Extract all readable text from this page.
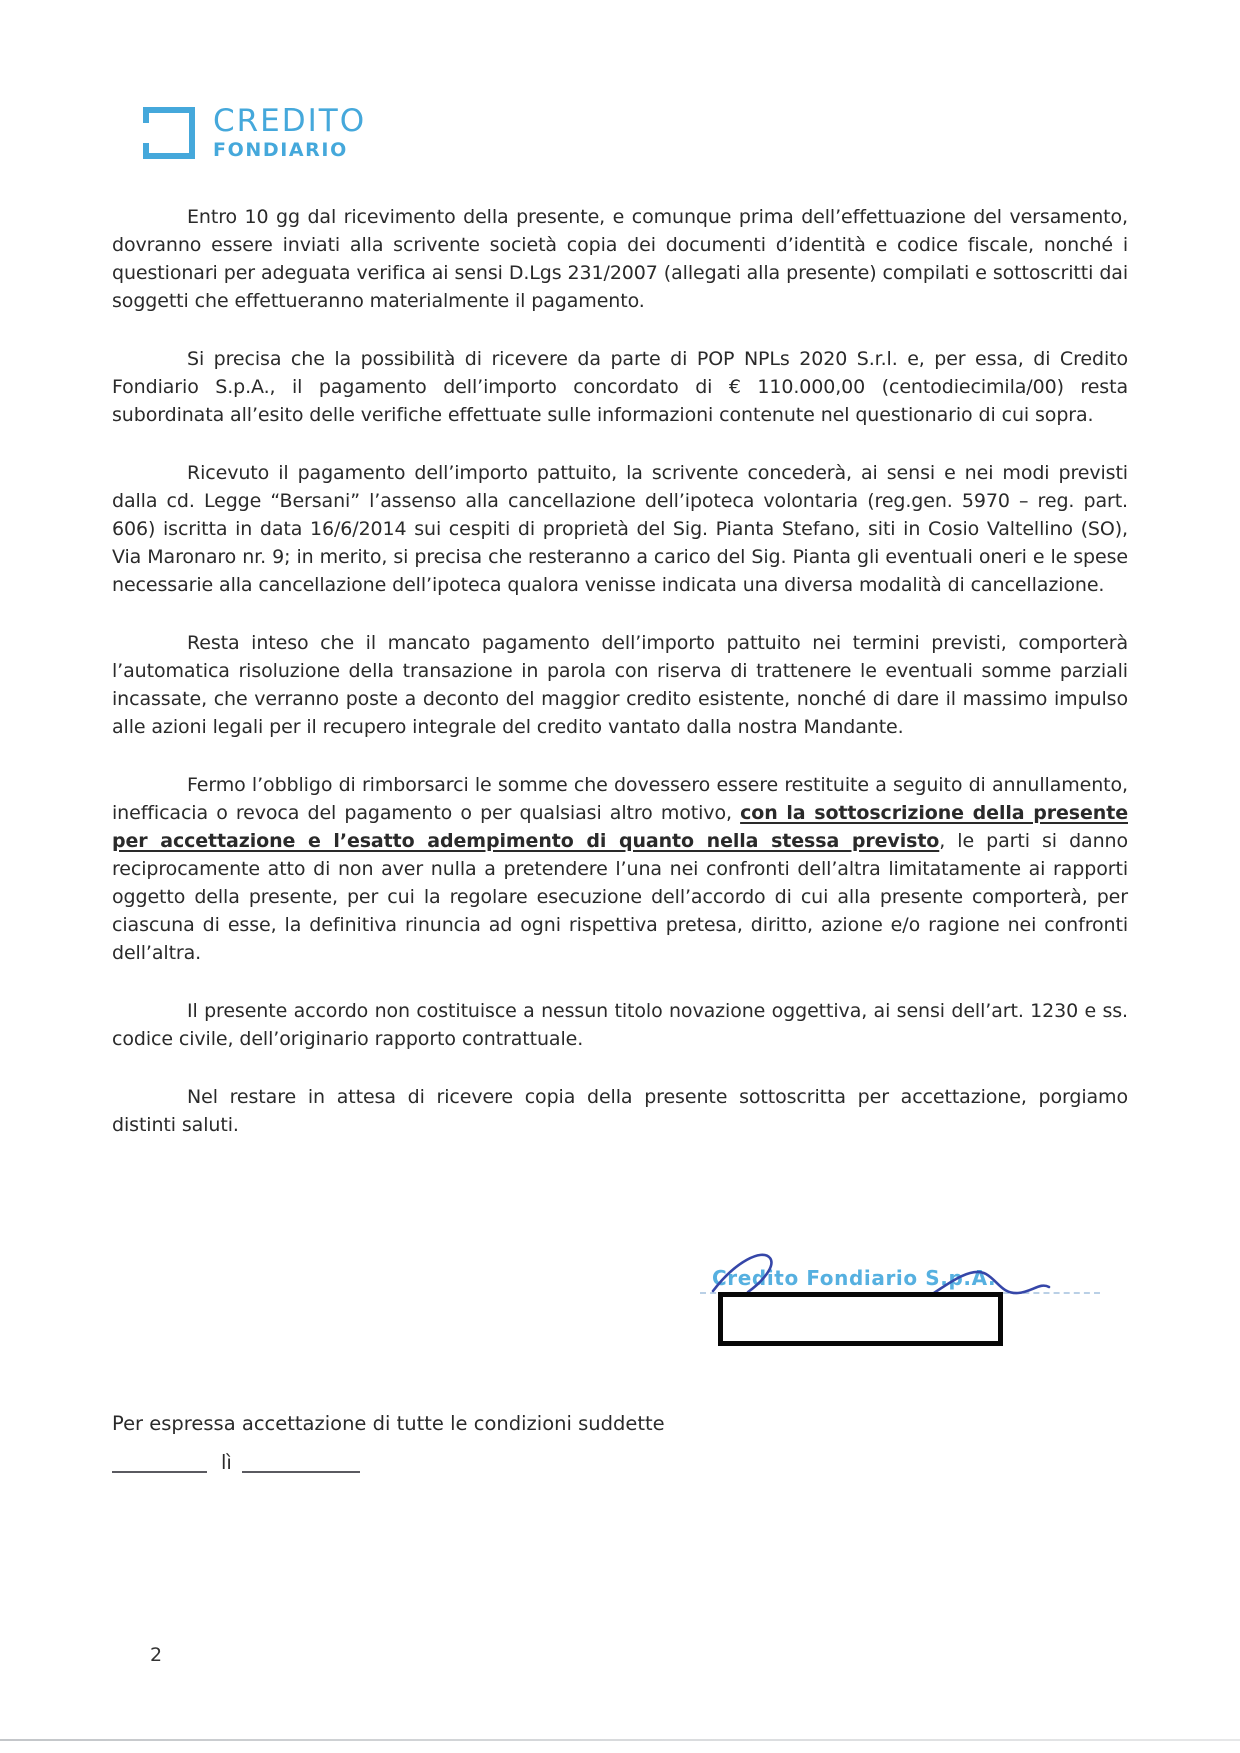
CREDITO
FONDIARIO

Entro 10 gg dal ricevimento della presente, e comunque prima dell’effettuazione del versamento, dovranno essere inviati alla scrivente società copia dei documenti d’identità e codice fiscale, nonché i questionari per adeguata verifica ai sensi D.Lgs 231/2007 (allegati alla presente) compilati e sottoscritti dai soggetti che effettueranno materialmente il pagamento.

Si precisa che la possibilità di ricevere da parte di POP NPLs 2020 S.r.l. e, per essa, di Credito Fondiario S.p.A., il pagamento dell’importo concordato di € 110.000,00 (centodiecimila/00) resta subordinata all’esito delle verifiche effettuate sulle informazioni contenute nel questionario di cui sopra.

Ricevuto il pagamento dell’importo pattuito, la scrivente concederà, ai sensi e nei modi previsti dalla cd. Legge “Bersani” l’assenso alla cancellazione dell’ipoteca volontaria (reg.gen. 5970 – reg. part. 606) iscritta in data 16/6/2014 sui cespiti di proprietà del Sig. Pianta Stefano, siti in Cosio Valtellino (SO), Via Maronaro nr. 9; in merito, si precisa che resteranno a carico del Sig. Pianta gli eventuali oneri e le spese necessarie alla cancellazione dell’ipoteca qualora venisse indicata una diversa modalità di cancellazione.

Resta inteso che il mancato pagamento dell’importo pattuito nei termini previsti, comporterà l’automatica risoluzione della transazione in parola con riserva di trattenere le eventuali somme parziali incassate, che verranno poste a deconto del maggior credito esistente, nonché di dare il massimo impulso alle azioni legali per il recupero integrale del credito vantato dalla nostra Mandante.

Fermo l’obbligo di rimborsarci le somme che dovessero essere restituite a seguito di annullamento, inefficacia o revoca del pagamento o per qualsiasi altro motivo, con la sottoscrizione della presente per accettazione e l’esatto adempimento di quanto nella stessa previsto, le parti si danno reciprocamente atto di non aver nulla a pretendere l’una nei confronti dell’altra limitatamente ai rapporti oggetto della presente, per cui la regolare esecuzione dell’accordo di cui alla presente comporterà, per ciascuna di esse, la definitiva rinuncia ad ogni rispettiva pretesa, diritto, azione e/o ragione nei confronti dell’altra.

Il presente accordo non costituisce a nessun titolo novazione oggettiva, ai sensi dell’art. 1230 e ss. codice civile, dell’originario rapporto contrattuale.

Nel restare in attesa di ricevere copia della presente sottoscritta per accettazione, porgiamo distinti saluti.

Credito Fondiario S.p.A.
Per espressa accettazione di tutte le condizioni suddette
lì
2
